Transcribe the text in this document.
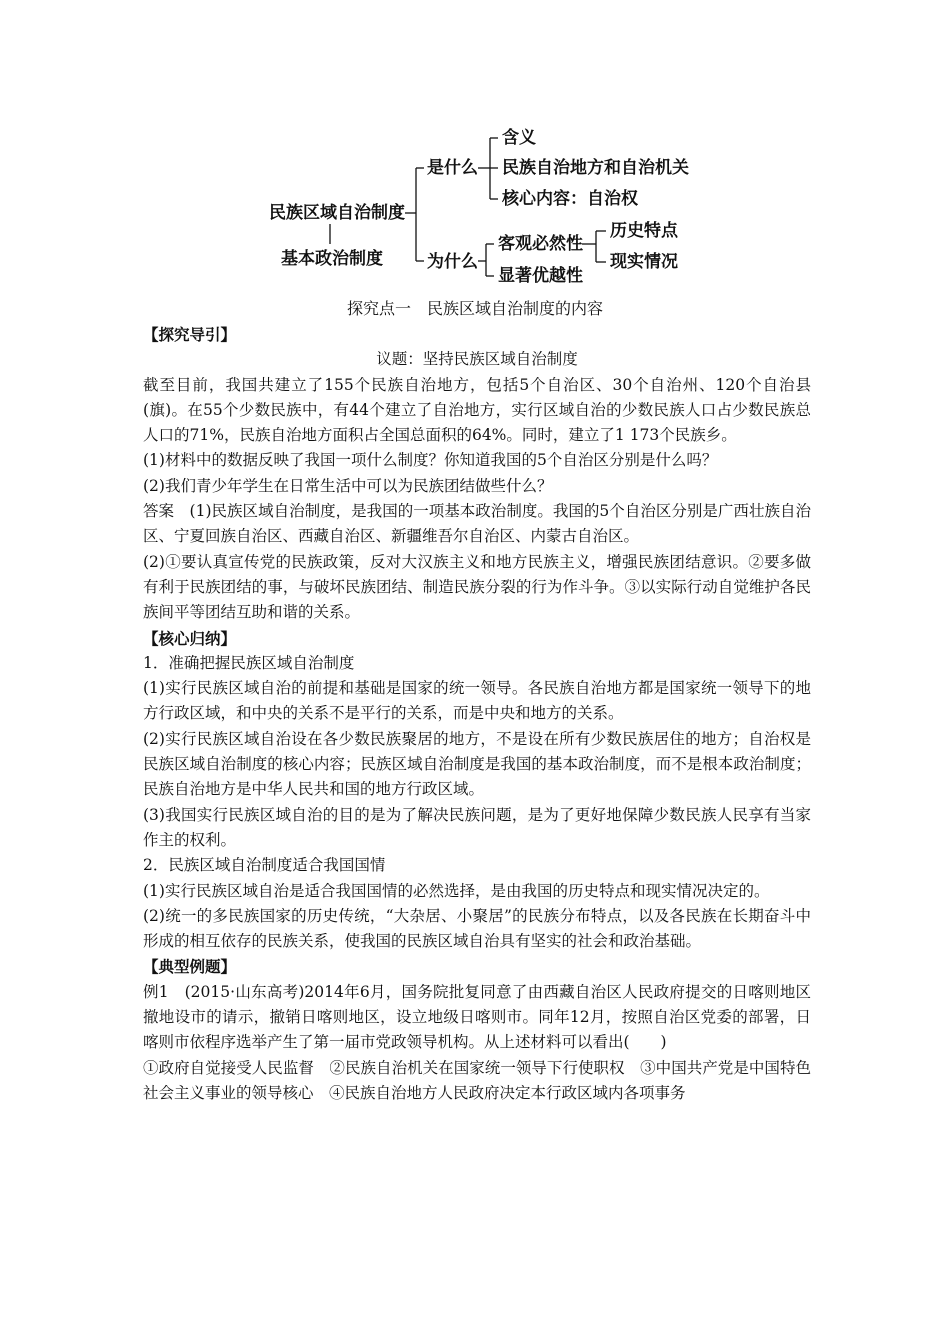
民族区域自治制度
基本政治制度
是什么
含义
民族自治地方和自治机关
核心内容：自治权
为什么
客观必然性
显著优越性
历史特点
现实情况
探究点一　民族区域自治制度的内容

【探究导引】

议题：坚持民族区域自治制度

截至目前，我国共建立了155个民族自治地方，包括5个自治区、30个自治州、120个自治县(旗)。在55个少数民族中，有44个建立了自治地方，实行区域自治的少数民族人口占少数民族总人口的71%，民族自治地方面积占全国总面积的64%。同时，建立了1 173个民族乡。

(1)材料中的数据反映了我国一项什么制度？你知道我国的5个自治区分别是什么吗？

(2)我们青少年学生在日常生活中可以为民族团结做些什么？

答案　(1)民族区域自治制度，是我国的一项基本政治制度。我国的5个自治区分别是广西壮族自治区、宁夏回族自治区、西藏自治区、新疆维吾尔自治区、内蒙古自治区。

(2)①要认真宣传党的民族政策，反对大汉族主义和地方民族主义，增强民族团结意识。②要多做有利于民族团结的事，与破坏民族团结、制造民族分裂的行为作斗争。③以实际行动自觉维护各民族间平等团结互助和谐的关系。

【核心归纳】

1．准确把握民族区域自治制度

(1)实行民族区域自治的前提和基础是国家的统一领导。各民族自治地方都是国家统一领导下的地方行政区域，和中央的关系不是平行的关系，而是中央和地方的关系。

(2)实行民族区域自治设在各少数民族聚居的地方，不是设在所有少数民族居住的地方；自治权是民族区域自治制度的核心内容；民族区域自治制度是我国的基本政治制度，而不是根本政治制度；民族自治地方是中华人民共和国的地方行政区域。

(3)我国实行民族区域自治的目的是为了解决民族问题，是为了更好地保障少数民族人民享有当家作主的权利。

2．民族区域自治制度适合我国国情

(1)实行民族区域自治是适合我国国情的必然选择，是由我国的历史特点和现实情况决定的。

(2)统一的多民族国家的历史传统，“大杂居、小聚居”的民族分布特点，以及各民族在长期奋斗中形成的相互依存的民族关系，使我国的民族区域自治具有坚实的社会和政治基础。

【典型例题】

例1　(2015·山东高考)2014年6月，国务院批复同意了由西藏自治区人民政府提交的日喀则地区撤地设市的请示，撤销日喀则地区，设立地级日喀则市。同年12月，按照自治区党委的部署，日喀则市依程序选举产生了第一届市党政领导机构。从上述材料可以看出(　　)

①政府自觉接受人民监督　②民族自治机关在国家统一领导下行使职权　③中国共产党是中国特色社会主义事业的领导核心　④民族自治地方人民政府决定本行政区域内各项事务
